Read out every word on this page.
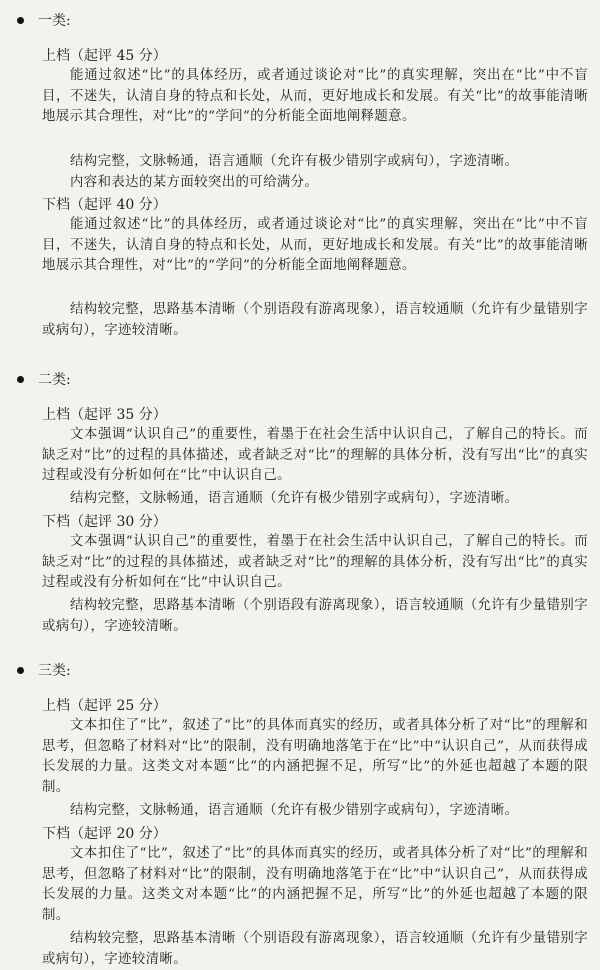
一类:
上档（起评 45 分）

能通过叙述“比”的具体经历，或者通过谈论对“比”的真实理解，突出在“比”中不盲目，不迷失，认清自身的特点和长处，从而，更好地成长和发展。有关“比”的故事能清晰地展示其合理性，对“比”的“学问”的分析能全面地阐释题意。

结构完整，文脉畅通，语言通顺（允许有极少错别字或病句），字迹清晰。

内容和表达的某方面较突出的可给满分。

下档（起评 40 分）

能通过叙述“比”的具体经历，或者通过谈论对“比”的真实理解，突出在“比”中不盲目，不迷失，认清自身的特点和长处，从而，更好地成长和发展。有关“比”的故事能清晰地展示其合理性，对“比”的“学问”的分析能全面地阐释题意。

结构较完整，思路基本清晰（个别语段有游离现象），语言较通顺（允许有少量错别字或病句），字迹较清晰。

二类:
上档（起评 35 分）

文本强调“认识自己”的重要性，着墨于在社会生活中认识自己，了解自己的特长。而缺乏对“比”的过程的具体描述，或者缺乏对“比”的理解的具体分析，没有写出“比”的真实过程或没有分析如何在“比”中认识自己。

结构完整，文脉畅通，语言通顺（允许有极少错别字或病句），字迹清晰。

下档（起评 30 分）

文本强调“认识自己”的重要性，着墨于在社会生活中认识自己，了解自己的特长。而缺乏对“比”的过程的具体描述，或者缺乏对“比”的理解的具体分析，没有写出“比”的真实过程或没有分析如何在“比”中认识自己。

结构较完整，思路基本清晰（个别语段有游离现象），语言较通顺（允许有少量错别字或病句），字迹较清晰。

三类:
上档（起评 25 分）

文本扣住了“比”，叙述了“比”的具体而真实的经历，或者具体分析了对“比”的理解和思考，但忽略了材料对“比”的限制，没有明确地落笔于在“比”中“认识自己”，从而获得成长发展的力量。这类文对本题“比”的内涵把握不足，所写“比”的外延也超越了本题的限制。

结构完整，文脉畅通，语言通顺（允许有极少错别字或病句），字迹清晰。

下档（起评 20 分）

文本扣住了“比”，叙述了“比”的具体而真实的经历，或者具体分析了对“比”的理解和思考，但忽略了材料对“比”的限制，没有明确地落笔于在“比”中“认识自己”，从而获得成长发展的力量。这类文对本题“比”的内涵把握不足，所写“比”的外延也超越了本题的限制。

结构较完整，思路基本清晰（个别语段有游离现象），语言较通顺（允许有少量错别字或病句），字迹较清晰。
